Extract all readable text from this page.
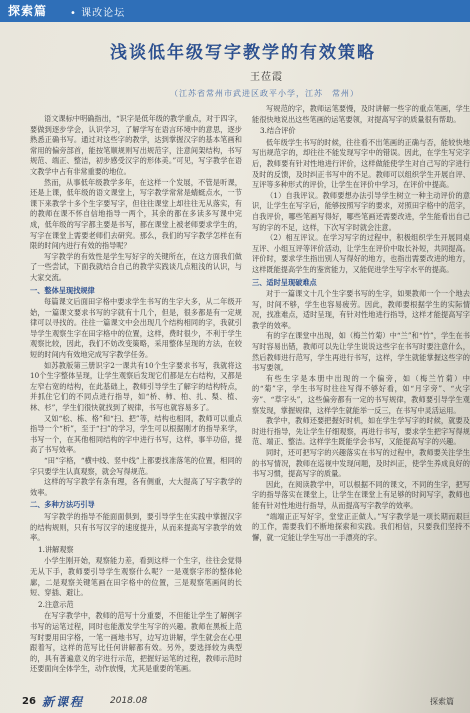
探索篇 • 课改论坛
浅谈低年级写字教学的有效策略
王莅霞
（江苏省常州市武进区政平小学，江苏　常州）

语文课标中明确指出，“识字是低年级的教学重点，对于四字，要做到逐步学会，认识学习，了解学写在语言环境中的意思，逐步熟悉正确书写。通过对这些字的教学，达到掌握汉字的基本笔画和常用的偏旁部首，能按笔顺规则写出规范字，注意间架结构，书写规范、端正、整洁，初步感受汉字的形体美。”可见，写字教学在语文教学中占有非常重要的地位。

然而，从事低年级教学多年，在这样一个发展，不管是听课，还是上课，低年级的语文课堂上，写字教学常常是蜻蜓点水，一节课下来教学十多个生字要写字，但往往课堂上却往往无从落实，有的教师在课不怀自信地指导一两个，其余的都在多读多写课中完成，低年级的写字都主要是书写，都在课堂上被老师要求学生的，写字在课堂上需要老师们去研究。那么，我们的写字教学怎样在有限的时间内进行有效的指导呢？

写字教学的有效性是学生写好字的关键所在，在这方面我们做了一些尝试，下面我就结合自己的教学实践谈几点粗浅的认识，与大家交流。

一、整体呈现找规律

每篇课文后面田字格中要求学生书写的生字大多，从二年级开始，一篇课文要求书写的字就有十几个，但是，很多都是有一定规律可以寻找的。往往一篇课文中会出现几个结构相同的字，我就引导学生观察生字在田字格中的位置，这样，费时很少，不利于学生观察比较，因此，我们不妨改变策略，采用整体呈现的方法，在较短的时间内有效地完成写字教学任务。

如苏教版第三册识字2一课共有10个生字要求书写，我就将这10个生字整体呈现，让学生观察后发现它们都是左右结构，又都是左窄右宽的结构，在此基础上，教师引导学生了解字的结构特点，并抓住它们的不同点进行指导，如“桥、柿、柏、扎、梨、植、林、杉”，学生们很快就找到了规律，书写也就容易多了。

又如“松、栋、格”和“扫、把”等，结构也相同，教师可以重点指导一个“析”，至于“扫”的学习，学生可以根据刚才的指导来学，书写一个，在其他相同结构的字中进行书写，这样，事半功倍，提高了书写效率。

“田”字格，“横中线、竖中线”上都要找准落笔的位置，相同的字只要学生认真观察，就会写得规范。

这样的写字教学有条有理，各有侧重，大大提高了写字教学的效率。

二、多种方法巧引导

写字教学的指导不能面面俱到，要引导学生在实践中掌握汉字的结构规则，只有书写汉字的速度提升，从而来提高写字教学的效率。

1.讲解观察

小学生刚开始，观察能力差，看到这样一个生字，往往会觉得无从下手，教师要引导学生观察什么呢？一是观察字形的整体轮廓，二是观察关键笔画在田字格中的位置，三是观察笔画间的长短、穿插、避让。

2.注意示范

在写字教学中，教师的范写十分重要，不但能让学生了解例字书写的运笔过程，同时也能激发学生写字的兴趣。教师在黑板上范写时要用田字格，一笔一画地书写，边写边讲解，学生就会在心里跟着写，这样的范写比任何讲解都有效。另外，要选择较为典型的，具有普遍意义的字进行示范，把握好运笔的过程，教师示范时还要面向全体学生，动作放慢，尤其是重要的笔画。

写规范的字，教师运笔要慢，及时讲解一些字的重点笔画，学生能很快地说出这些笔画的运笔要领，对提高写字的质量很有帮助。

3.结合评价

低年级学生书写的时候，往往看不出笔画的正确与否，能较快地写出规范字的，却往往不能发现写字中的错误。因此，在学生写完字后，教师要有针对性地进行评价，这样做能使学生对自己写的字进行及时的反馈，及时纠正书写中的不足。教师可以组织学生开展自评、互评等多种形式的评价，让学生在评价中学习，在评价中提高。

（1）自我评议。教师要想办法引导学生树立一种主动评价的意识，让学生在写字后，能够按照写字的要求，对照田字格中的范字，自我评价，哪些笔画写得好，哪些笔画还需要改进，学生能看出自己写的字的不足，这样，下次写字时就会注意。

（2）相互评议。在学习写字的过程中，积极组织学生开展同桌互评、小组互评等评价活动，让学生在评价中取长补短，共同提高。评价时，要求学生指出别人写得好的地方，也指出需要改进的地方，这样既能提高学生的鉴赏能力，又能促进学生写字水平的提高。

三、适时呈现破难点

对于一篇课文十几个生字要书写的生字，如果教师一个一个地去写，时间不够，学生也容易疲劳。因此，教师要根据学生的实际情况，找准难点，适时呈现，有针对性地进行指导，这样才能提高写字教学的效率。

有的字在课堂中出现，如（梅兰竹菊）中“兰”和“竹”，学生在书写时容易出错，教师可以先让学生说说这些字在书写时要注意什么，然后教师进行范写，学生再进行书写，这样，学生就能掌握这些字的书写要领。

有些生字是本册中出现的一个偏旁，如（梅兰竹菊）中的“菊”字，学生书写时往往写得不够好看，如“月字旁”、“火字旁”、“草字头”，这些偏旁都有一定的书写规律，教师要引导学生观察发现，掌握规律，这样学生就能举一反三，在书写中灵活运用。

教学中，教师还要把握好时机，如在学生学写字的时候，就要及时进行指导，先让学生仔细观察，再进行书写，要求学生把字写得规范、端正、整洁。这样学生既能学会书写，又能提高写字的兴趣。

同时，还可把写字的兴趣落实在书写的过程中，教师要关注学生的书写情况，教师在巡视中发现问题，及时纠正，使学生养成良好的书写习惯，提高写字的质量。

因此，在阅读教学中，可以根据不同的课文，不同的生字，把写字的指导落实在课堂上，让学生在课堂上有足够的时间写字，教师也能有针对性地进行指导，从而提高写字教学的效率。

“端端正正写好字，堂堂正正做人。”写字教学是一项长期而艰巨的工作，需要我们不断地探索和实践。我们相信，只要我们坚持不懈，就一定能让学生写出一手漂亮的字。

26 新课程	2018.08	探索篇
